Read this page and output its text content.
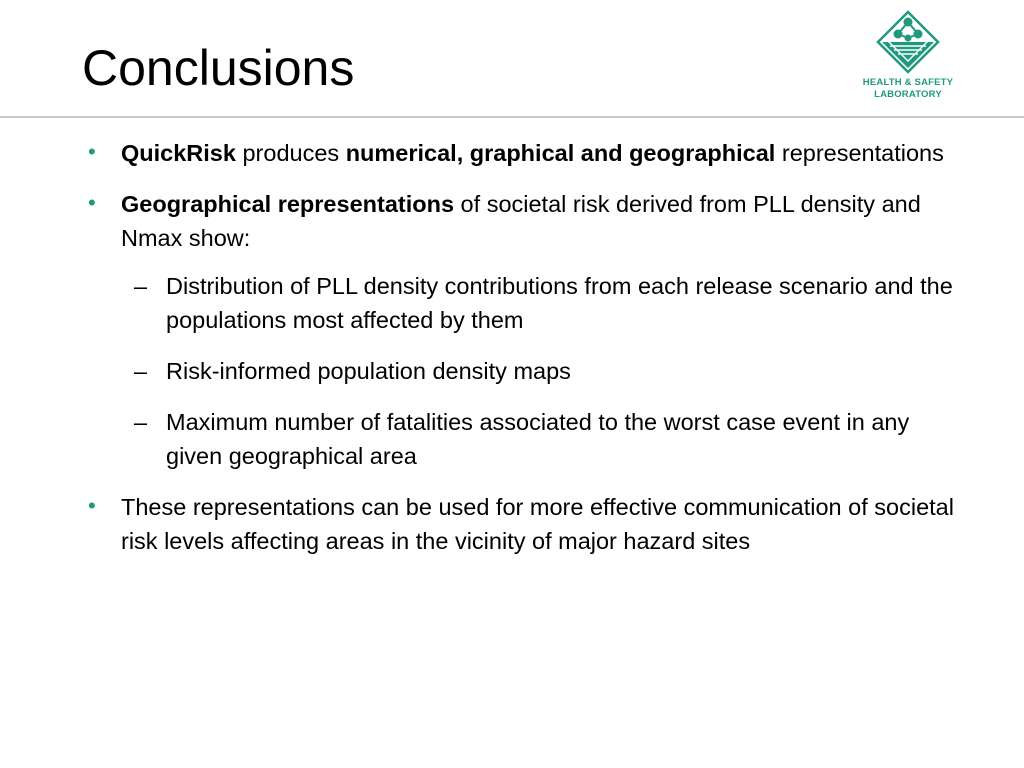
Conclusions	HEALTH & SAFETY
LABORATORY
• QuickRisk produces numerical, graphical and geographical representations
• Geographical representations of societal risk derived from PLL density and Nmax show:
– Distribution of PLL density contributions from each release scenario and the populations most affected by them
– Risk-informed population density maps
– Maximum number of fatalities associated to the worst case event in any given geographical area
• These representations can be used for more effective communication of societal risk levels affecting areas in the vicinity of major hazard sites
